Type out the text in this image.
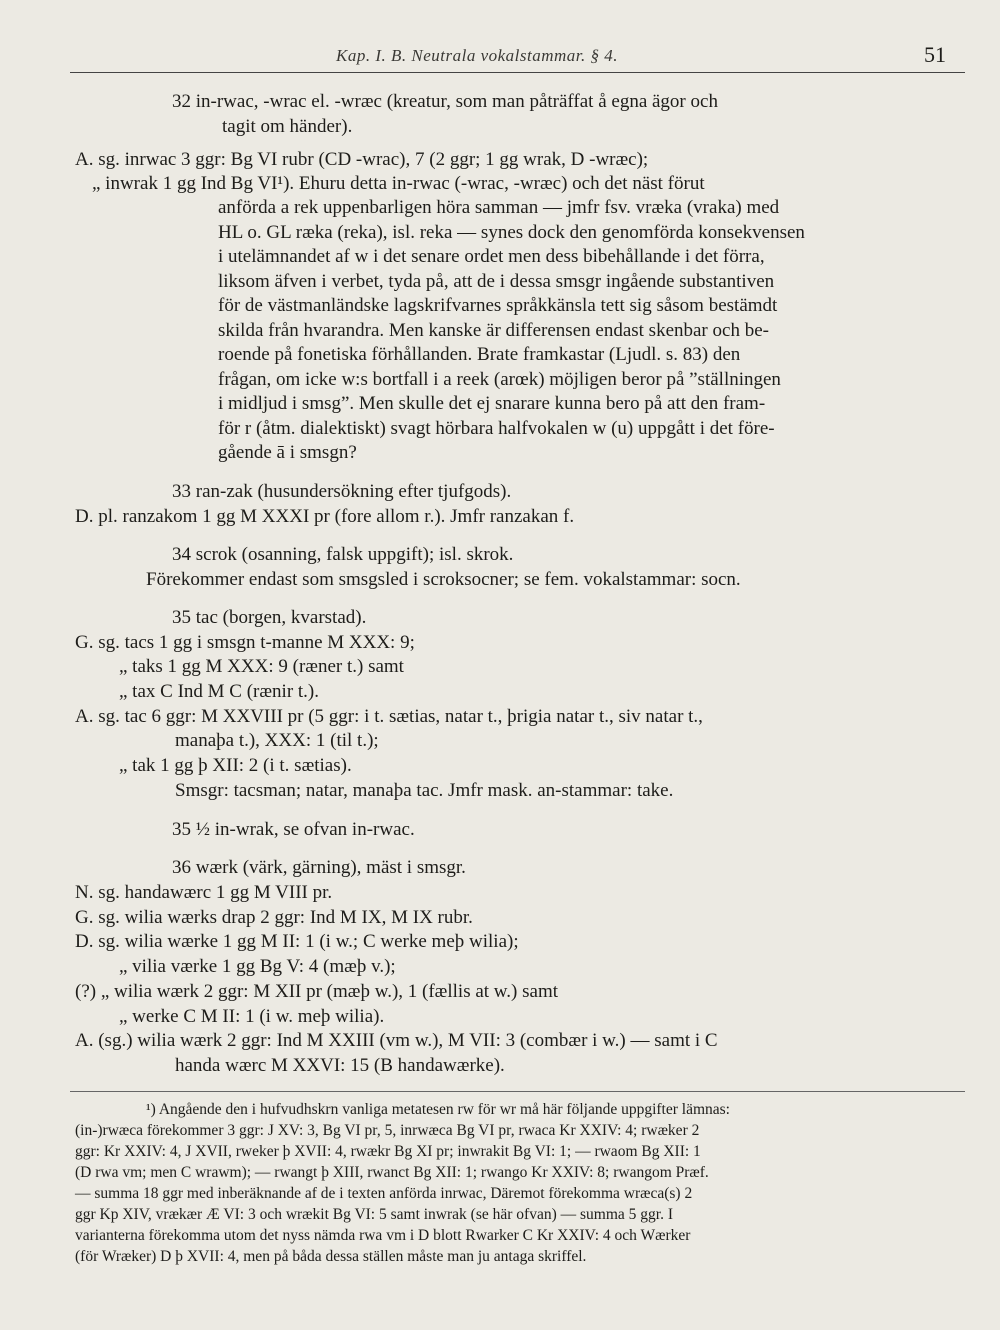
Kap. I. B. Neutrala vokalstammar. § 4.	51
32 in-rwac, -wrac el. -wræc (kreatur, som man påträffat å egna ägor och
tagit om händer).
A. sg. inrwac 3 ggr: Bg VI rubr (CD -wrac), 7 (2 ggr; 1 gg wrak, D -wræc);
„ inwrak 1 gg Ind Bg VI¹). Ehuru detta in-rwac (-wrac, -wræc) och det näst förut
anförda a rek uppenbarligen höra samman — jmfr fsv. vræka (vraka) med
HL o. GL ræka (reka), isl. reka — synes dock den genomförda konsekvensen
i utelämnandet af w i det senare ordet men dess bibehållande i det förra,
liksom äfven i verbet, tyda på, att de i dessa smsgr ingående substantiven
för de västmanländske lagskrifvarnes språkkänsla tett sig såsom bestämdt
skilda från hvarandra. Men kanske är differensen endast skenbar och be-
roende på fonetiska förhållanden. Brate framkastar (Ljudl. s. 83) den
frågan, om icke w:s bortfall i a reek (arœk) möjligen beror på ”ställningen
i midljud i smsg”. Men skulle det ej snarare kunna bero på att den fram-
för r (åtm. dialektiskt) svagt hörbara halfvokalen w (u) uppgått i det före-
gående ā i smsgn?
33 ran-zak (husundersökning efter tjufgods).
D. pl. ranzakom 1 gg M XXXI pr (fore allom r.). Jmfr ranzakan f.
34 scrok (osanning, falsk uppgift); isl. skrok.
Förekommer endast som smsgsled i scroksocner; se fem. vokalstammar: socn.
35 tac (borgen, kvarstad).
G. sg. tacs 1 gg i smsgn t-manne M XXX: 9;
„ taks 1 gg M XXX: 9 (ræner t.) samt
„ tax C Ind M C (rænir t.).
A. sg. tac 6 ggr: M XXVIII pr (5 ggr: i t. sætias, natar t., þrigia natar t., siv natar t.,
manaþa t.), XXX: 1 (til t.);
„ tak 1 gg þ XII: 2 (i t. sætias).
Smsgr: tacsman; natar, manaþa tac. Jmfr mask. an-stammar: take.
35 ½ in-wrak, se ofvan in-rwac.
36 wærk (värk, gärning), mäst i smsgr.
N. sg. handawærc 1 gg M VIII pr.
G. sg. wilia wærks drap 2 ggr: Ind M IX, M IX rubr.
D. sg. wilia wærke 1 gg M II: 1 (i w.; C werke meþ wilia);
„ vilia værke 1 gg Bg V: 4 (mæþ v.);
(?) „ wilia wærk 2 ggr: M XII pr (mæþ w.), 1 (fællis at w.) samt
„ werke C M II: 1 (i w. meþ wilia).
A. (sg.) wilia wærk 2 ggr: Ind M XXIII (vm w.), M VII: 3 (combær i w.) — samt i C
handa wærc M XXVI: 15 (B handawærke).
¹) Angående den i hufvudhskrn vanliga metatesen rw för wr må här följande uppgifter lämnas:
(in-)rwæca förekommer 3 ggr: J XV: 3, Bg VI pr, 5, inrwæca Bg VI pr, rwaca Kr XXIV: 4; rwæker 2
ggr: Kr XXIV: 4, J XVII, rweker þ XVII: 4, rwækr Bg XI pr; inwrakit Bg VI: 1; — rwaom Bg XII: 1
(D rwa vm; men C wrawm); — rwangt þ XIII, rwanct Bg XII: 1; rwango Kr XXIV: 8; rwangom Præf.
— summa 18 ggr med inberäknande af de i texten anförda inrwac, Däremot förekomma wræca(s) 2
ggr Kp XIV, vrækær Æ VI: 3 och wrækit Bg VI: 5 samt inwrak (se här ofvan) — summa 5 ggr. I
varianterna förekomma utom det nyss nämda rwa vm i D blott Rwarker C Kr XXIV: 4 och Wærker
(för Wræker) D þ XVII: 4, men på båda dessa ställen måste man ju antaga skriffel.
